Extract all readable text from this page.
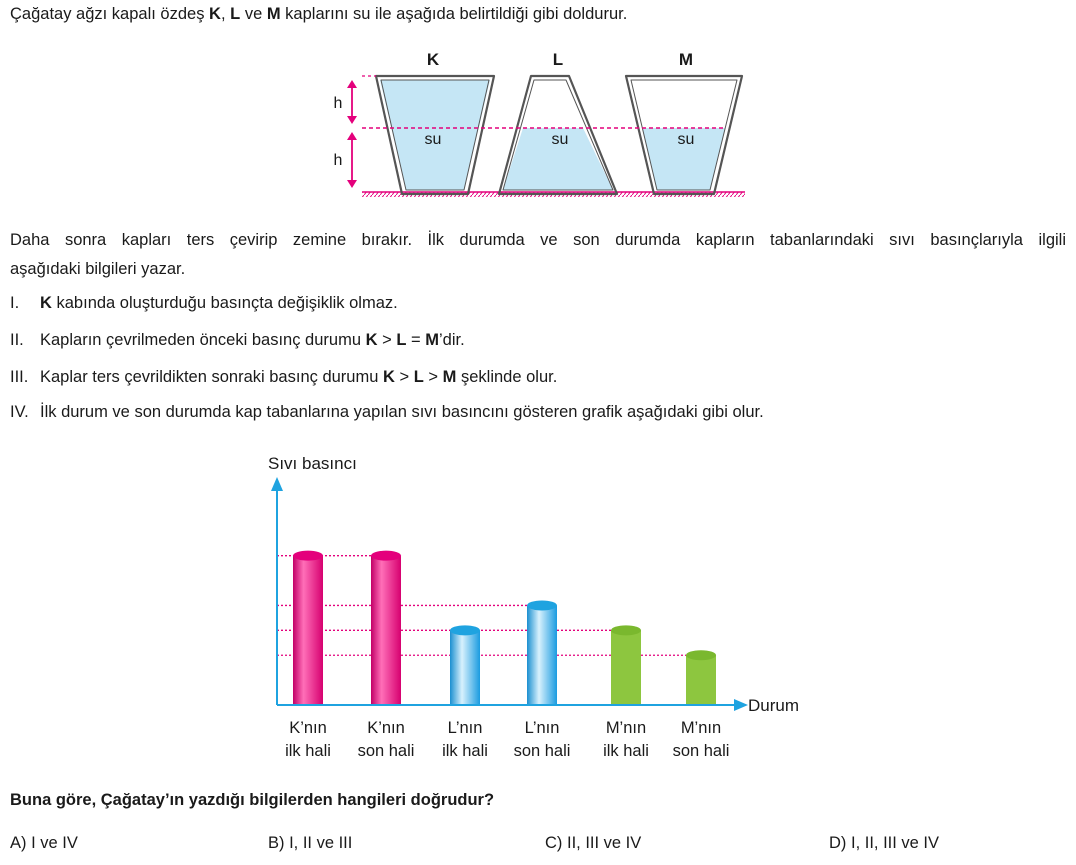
Çağatay ağzı kapalı özdeş K, L ve M kaplarını su ile aşağıda belirtildiği gibi doldurur.

h
h
K	L	M
su	su	su

Daha sonra kapları ters çevirip zemine bırakır. İlk durumda ve son durumda kapların tabanlarındaki sıvı basınçlarıyla ilgili

aşağıdaki bilgileri yazar.

I. K kabında oluşturduğu basınçta değişiklik olmaz.
II. Kapların çevrilmeden önceki basınç durumu K > L = M’dir.
III. Kaplar ters çevrildikten sonraki basınç durumu K > L > M şeklinde olur.
IV. İlk durum ve son durumda kap tabanlarına yapılan sıvı basıncını gösteren grafik aşağıdaki gibi olur.
Sıvı basıncı
Durum
K’nın
ilk hali
K’nın
son hali
L’nın
ilk hali
L’nın
son hali
M’nın
ilk hali
M’nın
son hali

Buna göre, Çağatay’ın yazdığı bilgilerden hangileri doğrudur?

A) I ve IV	B) I, II ve III	C) II, III ve IV	D) I, II, III ve IV
